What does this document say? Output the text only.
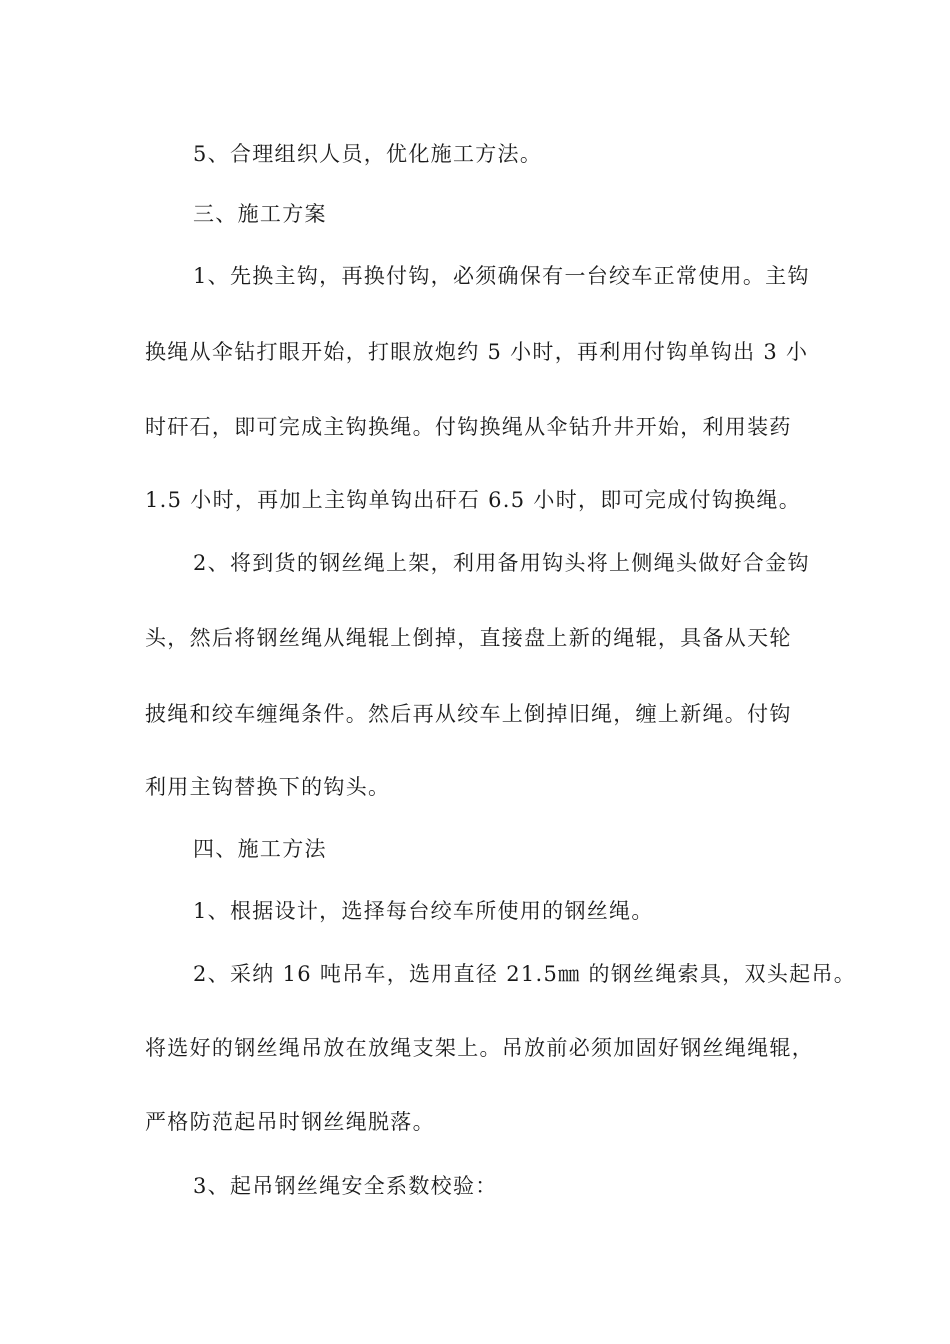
5、合理组织人员，优化施工方法。
三、施工方案
1、先换主钩，再换付钩，必须确保有一台绞车正常使用。主钩
换绳从伞钻打眼开始，打眼放炮约 5 小时，再利用付钩单钩出 3 小
时矸石，即可完成主钩换绳。付钩换绳从伞钻升井开始，利用装药
1.5 小时，再加上主钩单钩出矸石 6.5 小时，即可完成付钩换绳。
2、将到货的钢丝绳上架，利用备用钩头将上侧绳头做好合金钩
头，然后将钢丝绳从绳辊上倒掉，直接盘上新的绳辊，具备从天轮
披绳和绞车缠绳条件。然后再从绞车上倒掉旧绳，缠上新绳。付钩
利用主钩替换下的钩头。
四、施工方法
1、根据设计，选择每台绞车所使用的钢丝绳。
2、采纳 16 吨吊车，选用直径 21.5㎜ 的钢丝绳索具，双头起吊。
将选好的钢丝绳吊放在放绳支架上。吊放前必须加固好钢丝绳绳辊，
严格防范起吊时钢丝绳脱落。
3、起吊钢丝绳安全系数校验：
